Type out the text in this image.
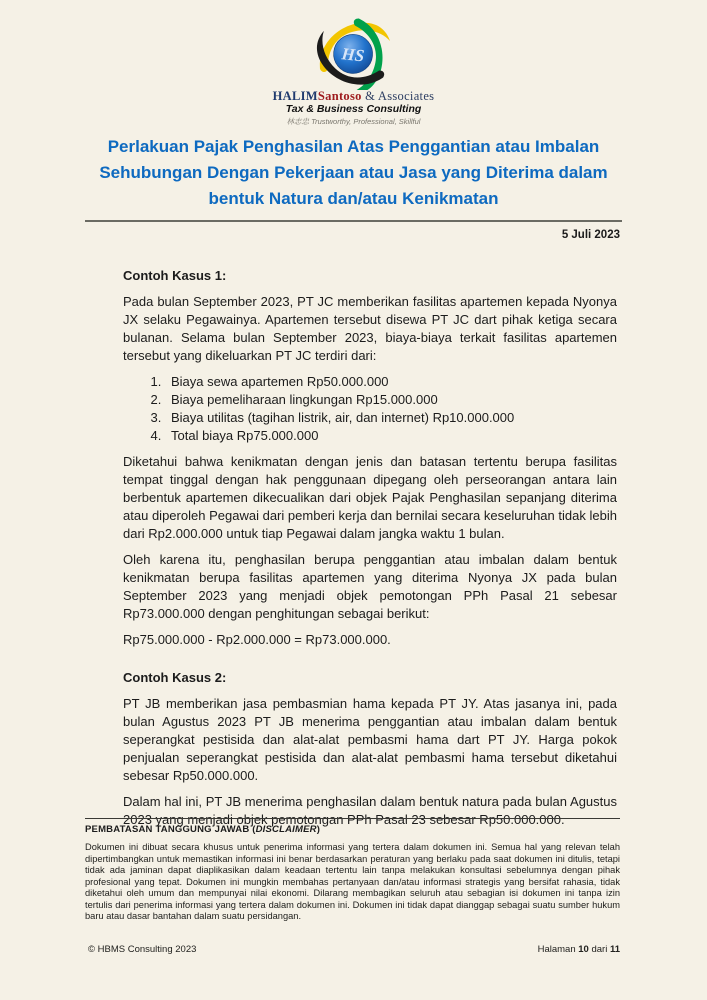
HS
HALIMSantoso & Associates
Tax & Business Consulting
林志忠 Trustworthy, Professional, Skillful
Perlakuan Pajak Penghasilan Atas Penggantian atau Imbalan
Sehubungan Dengan Pekerjaan atau Jasa yang Diterima dalam
bentuk Natura dan/atau Kenikmatan
5 Juli 2023
Contoh Kasus 1:

Pada bulan September 2023, PT JC memberikan fasilitas apartemen kepada Nyonya JX selaku Pegawainya. Apartemen tersebut disewa PT JC dart pihak ketiga secara bulanan. Selama bulan September 2023, biaya-biaya terkait fasilitas apartemen tersebut yang dikeluarkan PT JC terdiri dari:

1. Biaya sewa apartemen Rp50.000.000
2. Biaya pemeliharaan lingkungan Rp15.000.000
3. Biaya utilitas (tagihan listrik, air, dan internet) Rp10.000.000
4. Total biaya Rp75.000.000

Diketahui bahwa kenikmatan dengan jenis dan batasan tertentu berupa fasilitas tempat tinggal dengan hak penggunaan dipegang oleh perseorangan antara lain berbentuk apartemen dikecualikan dari objek Pajak Penghasilan sepanjang diterima atau diperoleh Pegawai dari pemberi kerja dan bernilai secara keseluruhan tidak lebih dari Rp2.000.000 untuk tiap Pegawai dalam jangka waktu 1 bulan.

Oleh karena itu, penghasilan berupa penggantian atau imbalan dalam bentuk kenikmatan berupa fasilitas apartemen yang diterima Nyonya JX pada bulan September 2023 yang menjadi objek pemotongan PPh Pasal 21 sebesar Rp73.000.000 dengan penghitungan sebagai berikut:

Rp75.000.000 - Rp2.000.000 = Rp73.000.000.

Contoh Kasus 2:

PT JB memberikan jasa pembasmian hama kepada PT JY. Atas jasanya ini, pada bulan Agustus 2023 PT JB menerima penggantian atau imbalan dalam bentuk seperangkat pestisida dan alat-alat pembasmi hama dart PT JY. Harga pokok penjualan seperangkat pestisida dan alat-alat pembasmi hama tersebut diketahui sebesar Rp50.000.000.

Dalam hal ini, PT JB menerima penghasilan dalam bentuk natura pada bulan Agustus 2023 yang menjadi objek pemotongan PPh Pasal 23 sebesar Rp50.000.000.

PEMBATASAN TANGGUNG JAWAB (DISCLAIMER)
Dokumen ini dibuat secara khusus untuk penerima informasi yang tertera dalam dokumen ini. Semua hal yang relevan telah dipertimbangkan untuk memastikan informasi ini benar berdasarkan peraturan yang berlaku pada saat dokumen ini ditulis, tetapi tidak ada jaminan dapat diaplikasikan dalam keadaan tertentu lain tanpa melakukan konsultasi sebelumnya dengan pihak profesional yang tepat. Dokumen ini mungkin membahas pertanyaan dan/atau informasi strategis yang bersifat rahasia, tidak diketahui oleh umum dan mempunyai nilai ekonomi. Dilarang membagikan seluruh atau sebagian isi dokumen ini tanpa izin tertulis dari penerima informasi yang tertera dalam dokumen ini. Dokumen ini tidak dapat dianggap sebagai suatu sumber hukum baru atau dasar bantahan dalam suatu persidangan.
© HBMS Consulting 2023	Halaman 10 dari 11
